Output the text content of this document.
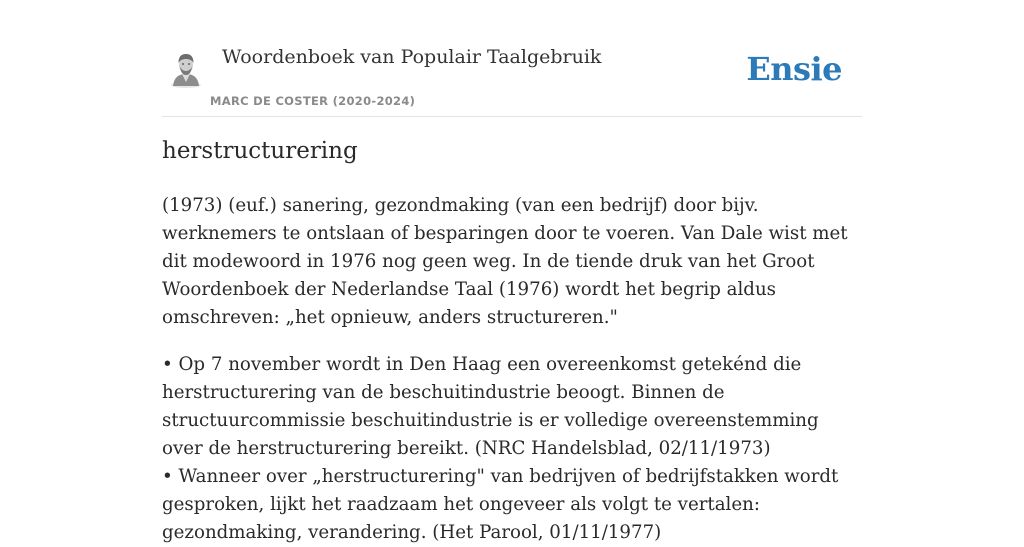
Woordenboek van Populair Taalgebruik
MARC DE COSTER (2020-2024)
Ensie
herstructurering

(1973) (euf.) sanering, gezondmaking (van een bedrijf) door bijv. werknemers te ontslaan of besparingen door te voeren. Van Dale wist met dit modewoord in 1976 nog geen weg. In de tiende druk van het Groot Woordenboek der Nederlandse Taal (1976) wordt het begrip aldus omschreven: „het opnieuw, anders structureren."

• Op 7 november wordt in Den Haag een overeenkomst getekénd die herstructurering van de beschuitindustrie beoogt. Binnen de structuurcommissie beschuitindustrie is er volledige overeenstemming over de herstructurering bereikt. (NRC Handelsblad, 02/11/1973)

• Wanneer over „herstructurering" van bedrijven of bedrijfstakken wordt gesproken, lijkt het raadzaam het ongeveer als volgt te vertalen: gezondmaking, verandering. (Het Parool, 01/11/1977)
